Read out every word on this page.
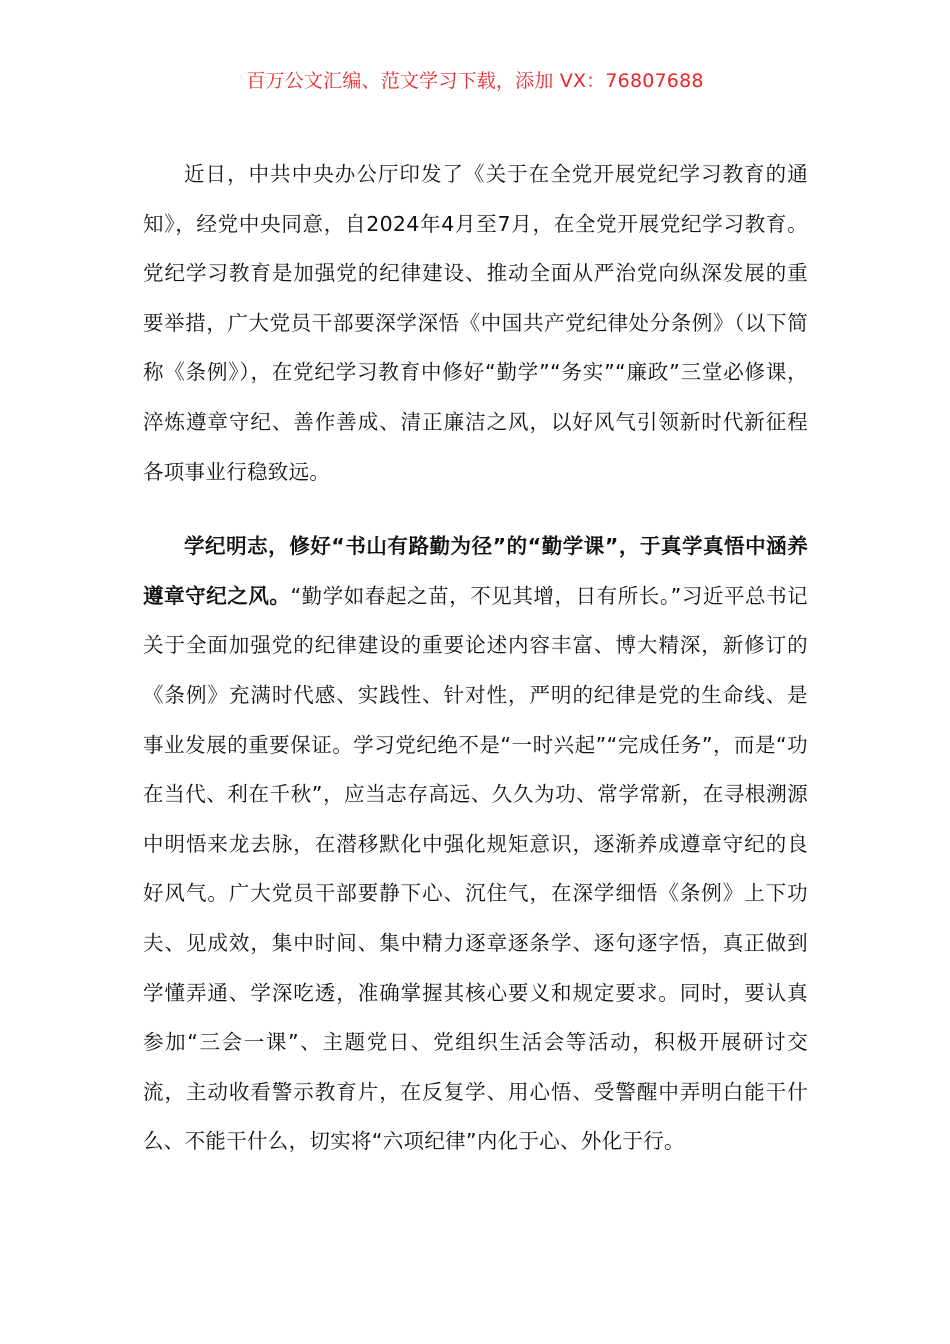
百万公文汇编、范文学习下载，添加 VX：76807688

近日，中共中央办公厅印发了《关于在全党开展党纪学习教育的通知》，经党中央同意，自2024年4月至7月，在全党开展党纪学习教育。党纪学习教育是加强党的纪律建设、推动全面从严治党向纵深发展的重要举措，广大党员干部要深学深悟《中国共产党纪律处分条例》（以下简称《条例》），在党纪学习教育中修好“勤学”“务实”“廉政”三堂必修课，淬炼遵章守纪、善作善成、清正廉洁之风，以好风气引领新时代新征程各项事业行稳致远。

学纪明志，修好“书山有路勤为径”的“勤学课”，于真学真悟中涵养遵章守纪之风。“勤学如春起之苗，不见其增，日有所长。”习近平总书记关于全面加强党的纪律建设的重要论述内容丰富、博大精深，新修订的《条例》充满时代感、实践性、针对性，严明的纪律是党的生命线、是事业发展的重要保证。学习党纪绝不是“一时兴起”“完成任务”，而是“功在当代、利在千秋”，应当志存高远、久久为功、常学常新，在寻根溯源中明悟来龙去脉，在潜移默化中强化规矩意识，逐渐养成遵章守纪的良好风气。广大党员干部要静下心、沉住气，在深学细悟《条例》上下功夫、见成效，集中时间、集中精力逐章逐条学、逐句逐字悟，真正做到学懂弄通、学深吃透，准确掌握其核心要义和规定要求。同时，要认真参加“三会一课”、主题党日、党组织生活会等活动，积极开展研讨交流，主动收看警示教育片，在反复学、用心悟、受警醒中弄明白能干什么、不能干什么，切实将“六项纪律”内化于心、外化于行。
